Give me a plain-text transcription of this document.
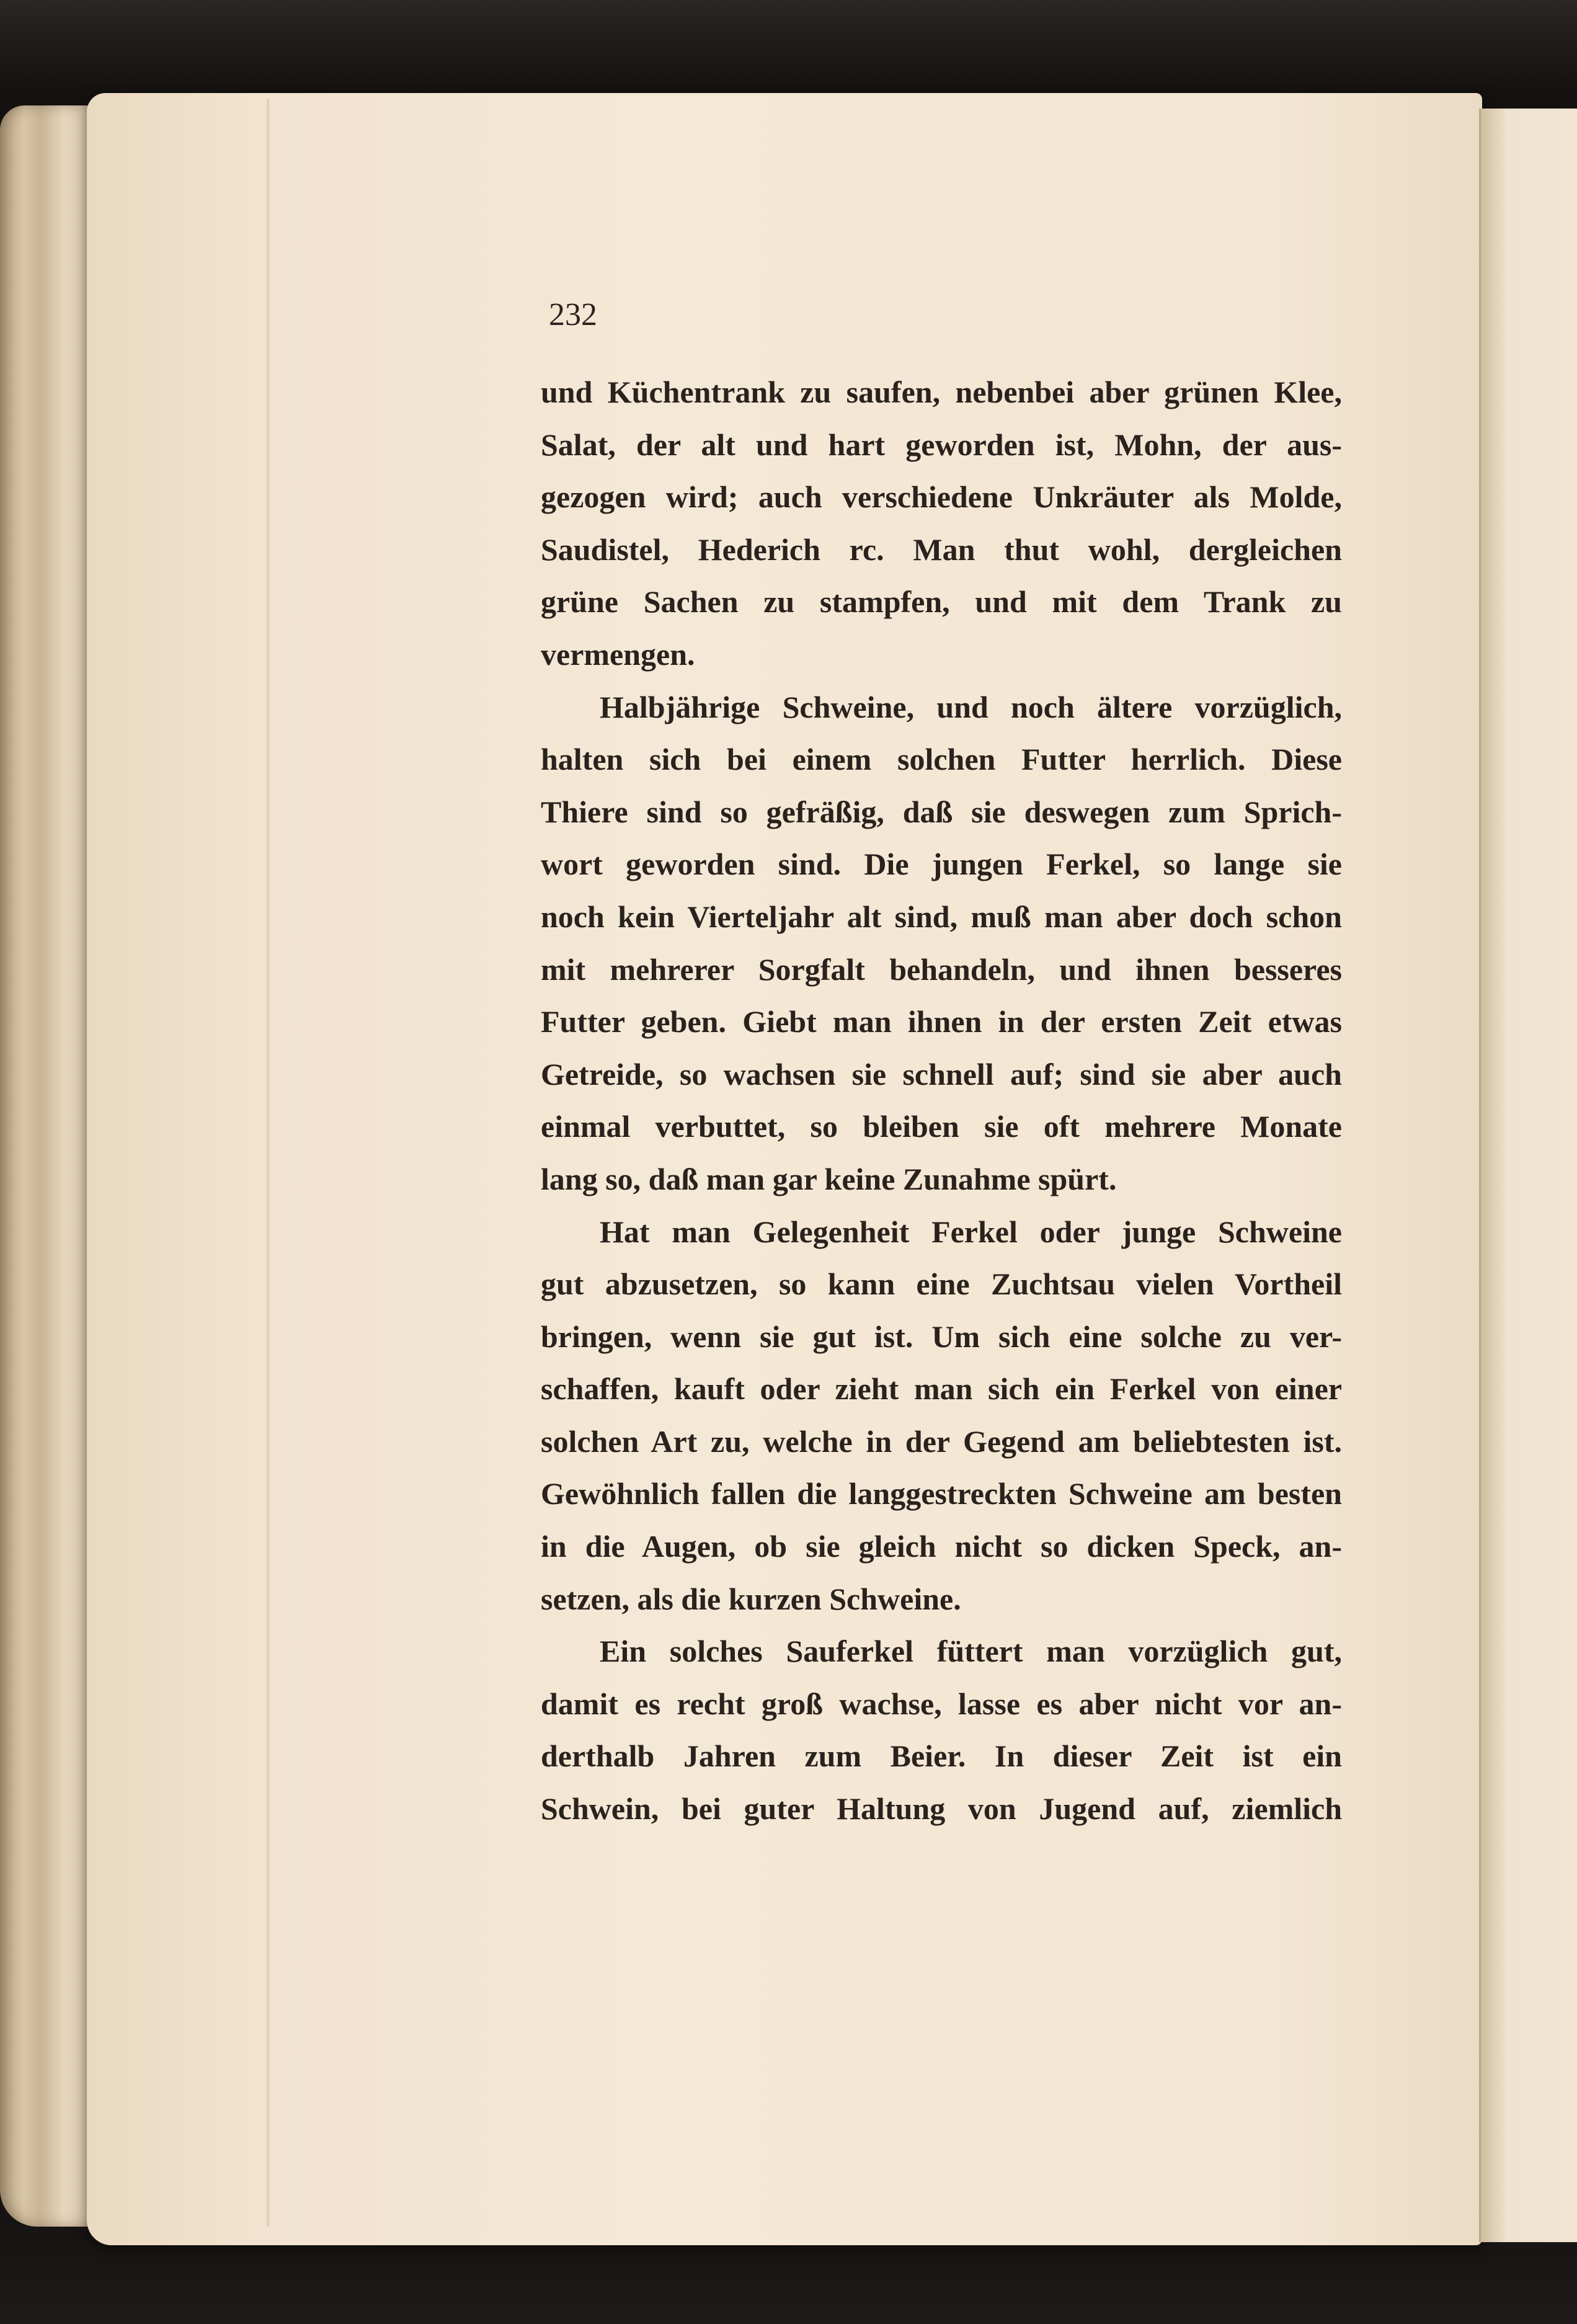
232
und Küchentrank zu saufen, nebenbei aber grünen Klee,
Salat, der alt und hart geworden ist, Mohn, der aus-
gezogen wird; auch verschiedene Unkräuter als Molde,
Saudistel, Hederich rc. Man thut wohl, dergleichen
grüne Sachen zu stampfen, und mit dem Trank zu
vermengen.
Halbjährige Schweine, und noch ältere vorzüglich,
halten sich bei einem solchen Futter herrlich. Diese
Thiere sind so gefräßig, daß sie deswegen zum Sprich-
wort geworden sind. Die jungen Ferkel, so lange sie
noch kein Vierteljahr alt sind, muß man aber doch schon
mit mehrerer Sorgfalt behandeln, und ihnen besseres
Futter geben. Giebt man ihnen in der ersten Zeit etwas
Getreide, so wachsen sie schnell auf; sind sie aber auch
einmal verbuttet, so bleiben sie oft mehrere Monate
lang so, daß man gar keine Zunahme spürt.
Hat man Gelegenheit Ferkel oder junge Schweine
gut abzusetzen, so kann eine Zuchtsau vielen Vortheil
bringen, wenn sie gut ist. Um sich eine solche zu ver-
schaffen, kauft oder zieht man sich ein Ferkel von einer
solchen Art zu, welche in der Gegend am beliebtesten ist.
Gewöhnlich fallen die langgestreckten Schweine am besten
in die Augen, ob sie gleich nicht so dicken Speck, an-
setzen, als die kurzen Schweine.
Ein solches Sauferkel füttert man vorzüglich gut,
damit es recht groß wachse, lasse es aber nicht vor an-
derthalb Jahren zum Beier. In dieser Zeit ist ein
Schwein, bei guter Haltung von Jugend auf, ziemlich
